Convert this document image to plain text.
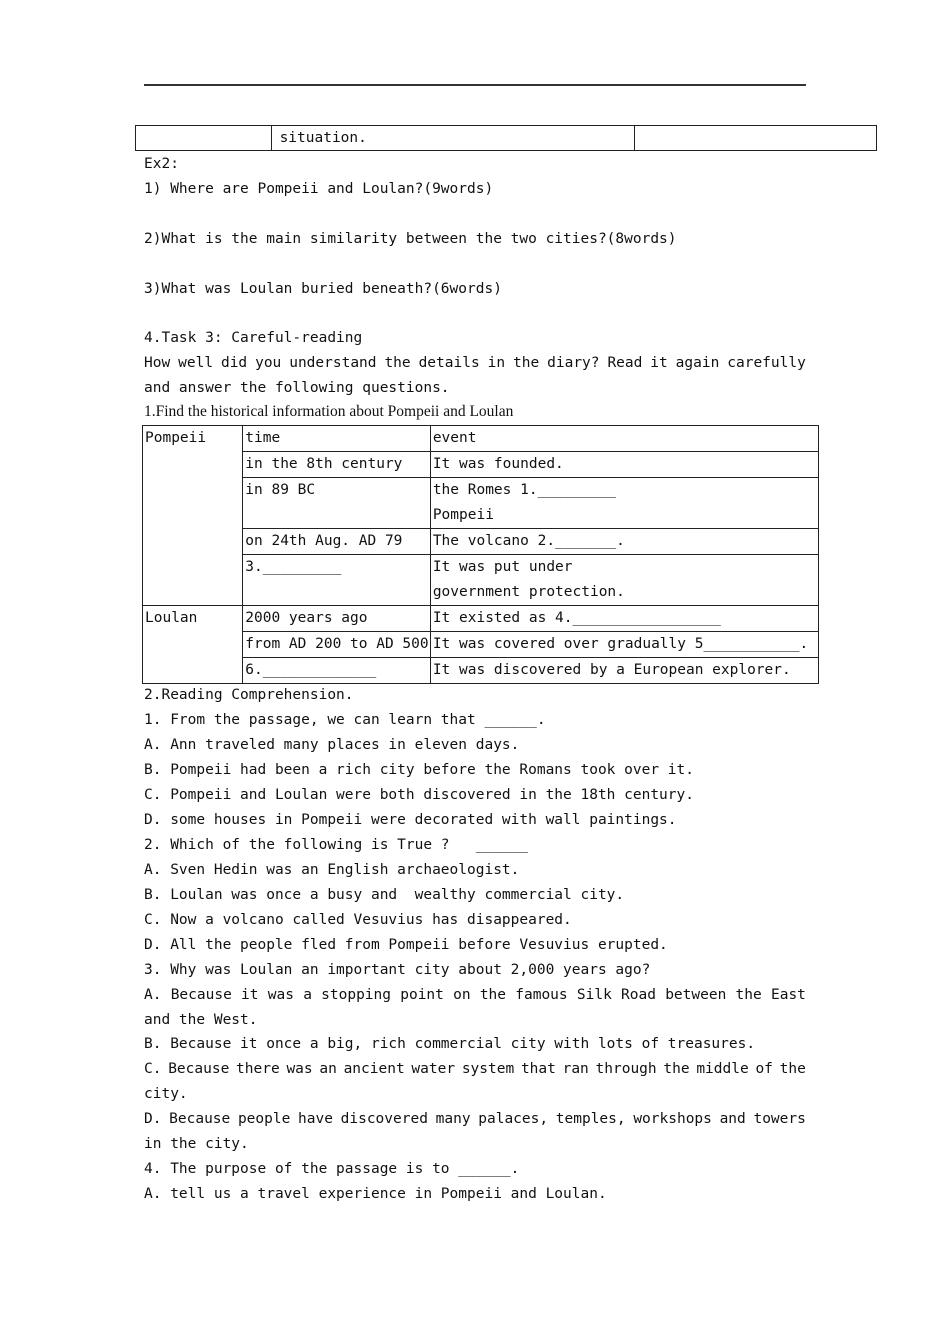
	situation.	
Ex2:
1) Where are Pompeii and Loulan?(9words)
2)What is the main similarity between the two cities?(8words)
3)What was Loulan buried beneath?(6words)
4.Task 3: Careful-reading
How well did you understand the details in the diary? Read it again carefully
and answer the following questions.
1.Find the historical information about Pompeii and Loulan
Pompeii	time	event
	in the 8th century	It was founded.
	in 89 BC	the Romes 1._________
Pompeii

	on 24th Aug. AD 79	The volcano 2._______.
	3._________	It was put under
government protection.

Loulan	2000 years ago	It existed as 4._________________
	from AD 200 to AD 500	It was covered over gradually 5___________.
	6._____________	It was discovered by a European explorer.
2.Reading Comprehension.
1. From the passage, we can learn that ______.
A. Ann traveled many places in eleven days.
B. Pompeii had been a rich city before the Romans took over it.
C. Pompeii and Loulan were both discovered in the 18th century.
D. some houses in Pompeii were decorated with wall paintings.
2. Which of the following is True ?   ______
A. Sven Hedin was an English archaeologist.
B. Loulan was once a busy and  wealthy commercial city.
C. Now a volcano called Vesuvius has disappeared.
D. All the people fled from Pompeii before Vesuvius erupted.
3. Why was Loulan an important city about 2,000 years ago?
A. Because it was a stopping point on the famous Silk Road between the East
and the West.
B. Because it once a big, rich commercial city with lots of treasures.
C. Because there was an ancient water system that ran through the middle of the
city.
D. Because people have discovered many palaces, temples, workshops and towers
in the city.
4. The purpose of the passage is to ______.
A. tell us a travel experience in Pompeii and Loulan.
